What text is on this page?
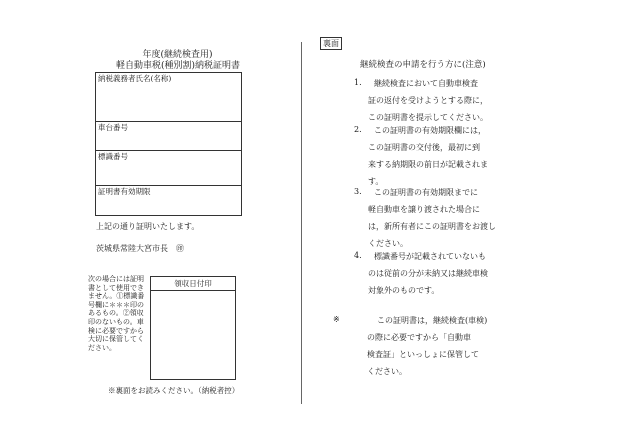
年度(継続検査用)
軽自動車税(種別割)納税証明書
納税義務者氏名(名称)
車台番号
標識番号
証明書有効期限
上記の通り証明いたします。
茨城県常陸大宮市長　㊞
次の場合には証明書として使用できません。①標識番号欄に＊＊＊印のあるもの。②領収印のないもの。車検に必要ですから大切に保管してください。
領収日付印
※裏面をお読みください。（納税者控）
裏面
継続検査の申請を行う方に(注意)
1. 継続検査において自動車検査
証の返付を受けようとする際に，
この証明書を提示してください。
2. この証明書の有効期限欄には，
この証明書の交付後，最初に到
来する納期限の前日が記載されま
す。
3. この証明書の有効期限までに
軽自動車を譲り渡された場合に
は，新所有者にこの証明書をお渡し
ください。
4. 標識番号が記載されていないも
のは従前の分が未納又は継続車検
対象外のものです。
※	この証明書は，継続検査(車検)
の際に必要ですから「自動車
検査証」といっしょに保管して
ください。
